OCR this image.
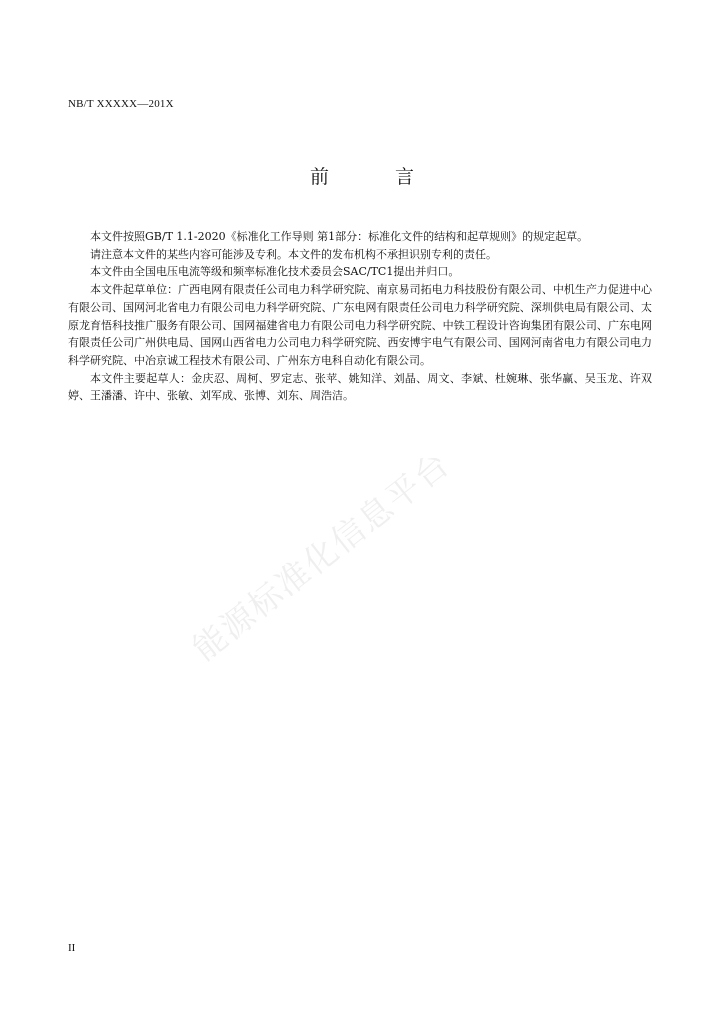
NB/T XXXXX—201X
前 言

本文件按照GB/T 1.1-2020《标准化工作导则 第1部分：标准化文件的结构和起草规则》的规定起草。

请注意本文件的某些内容可能涉及专利。本文件的发布机构不承担识别专利的责任。

本文件由全国电压电流等级和频率标准化技术委员会SAC/TC1提出并归口。

本文件起草单位：广西电网有限责任公司电力科学研究院、南京易司拓电力科技股份有限公司、中机生产力促进中心有限公司、国网河北省电力有限公司电力科学研究院、广东电网有限责任公司电力科学研究院、深圳供电局有限公司、太原龙育悟科技推广服务有限公司、国网福建省电力有限公司电力科学研究院、中铁工程设计咨询集团有限公司、广东电网有限责任公司广州供电局、国网山西省电力公司电力科学研究院、西安博宇电气有限公司、国网河南省电力有限公司电力科学研究院、中冶京诚工程技术有限公司、广州东方电科自动化有限公司。

本文件主要起草人：金庆忍、周柯、罗定志、张苹、姚知洋、刘晶、周文、李斌、杜婉琳、张华赢、吴玉龙、许双婷、王潘潘、许中、张敏、刘军成、张博、刘东、周浩洁。

能源标准化信息平台
II
